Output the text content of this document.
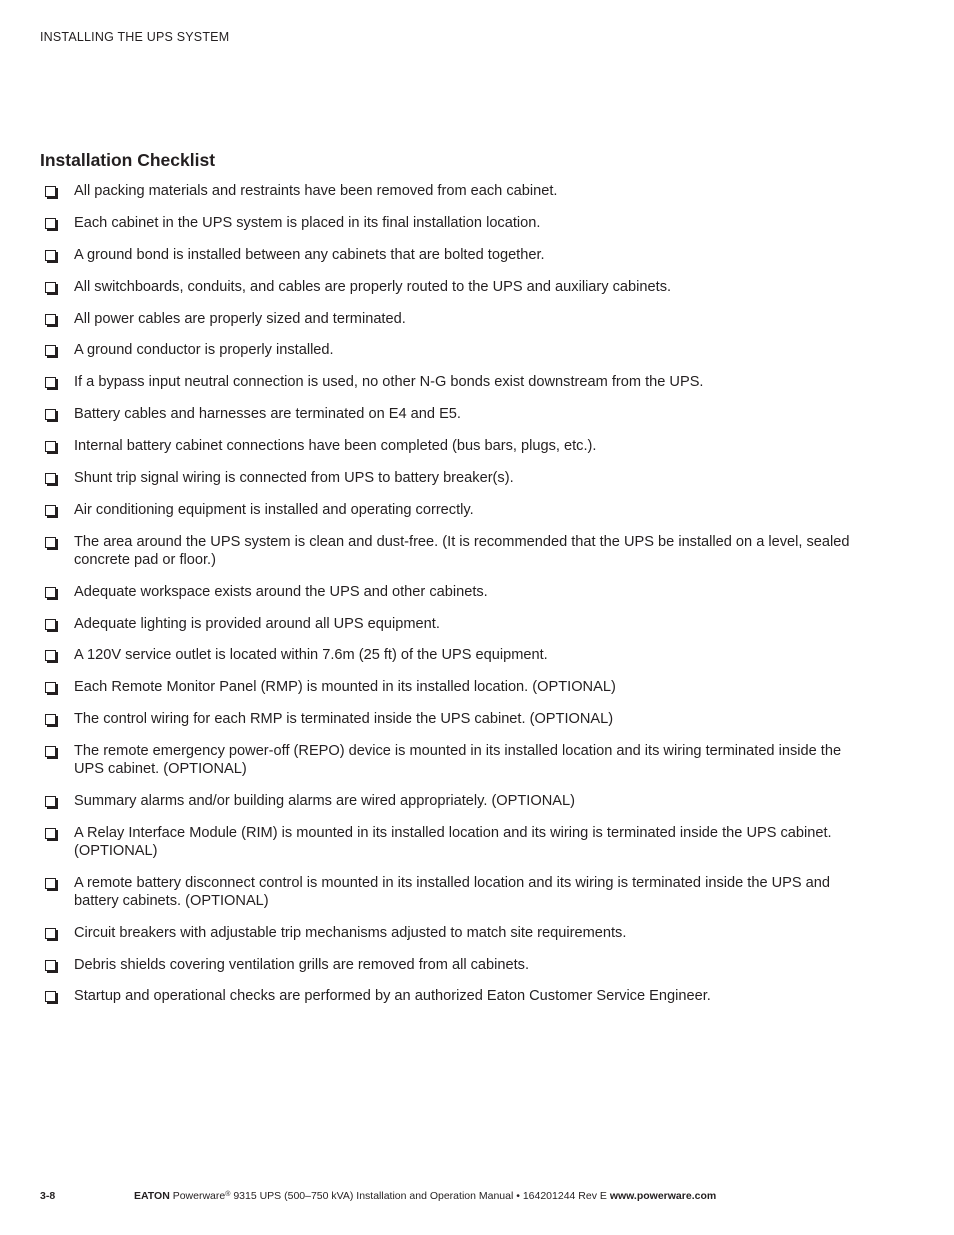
INSTALLING THE UPS SYSTEM
Installation Checklist
All packing materials and restraints have been removed from each cabinet.
Each cabinet in the UPS system is placed in its final installation location.
A ground bond is installed between any cabinets that are bolted together.
All switchboards, conduits, and cables are properly routed to the UPS and auxiliary cabinets.
All power cables are properly sized and terminated.
A ground conductor is properly installed.
If a bypass input neutral connection is used, no other N-G bonds exist downstream from the UPS.
Battery cables and harnesses are terminated on E4 and E5.
Internal battery cabinet connections have been completed (bus bars, plugs, etc.).
Shunt trip signal wiring is connected from UPS to battery breaker(s).
Air conditioning equipment is installed and operating correctly.
The area around the UPS system is clean and dust-free. (It is recommended that the UPS be installed on a level, sealed concrete pad or floor.)
Adequate workspace exists around the UPS and other cabinets.
Adequate lighting is provided around all UPS equipment.
A 120V service outlet is located within 7.6m (25 ft) of the UPS equipment.
Each Remote Monitor Panel (RMP) is mounted in its installed location. (OPTIONAL)
The control wiring for each RMP is terminated inside the UPS cabinet. (OPTIONAL)
The remote emergency power-off (REPO) device is mounted in its installed location and its wiring terminated inside the UPS cabinet. (OPTIONAL)
Summary alarms and/or building alarms are wired appropriately. (OPTIONAL)
A Relay Interface Module (RIM) is mounted in its installed location and its wiring is terminated inside the UPS cabinet. (OPTIONAL)
A remote battery disconnect control is mounted in its installed location and its wiring is terminated inside the UPS and battery cabinets. (OPTIONAL)
Circuit breakers with adjustable trip mechanisms adjusted to match site requirements.
Debris shields covering ventilation grills are removed from all cabinets.
Startup and operational checks are performed by an authorized Eaton Customer Service Engineer.
3-8	EATON Powerware® 9315 UPS (500–750 kVA) Installation and Operation Manual • 164201244 Rev E www.powerware.com
